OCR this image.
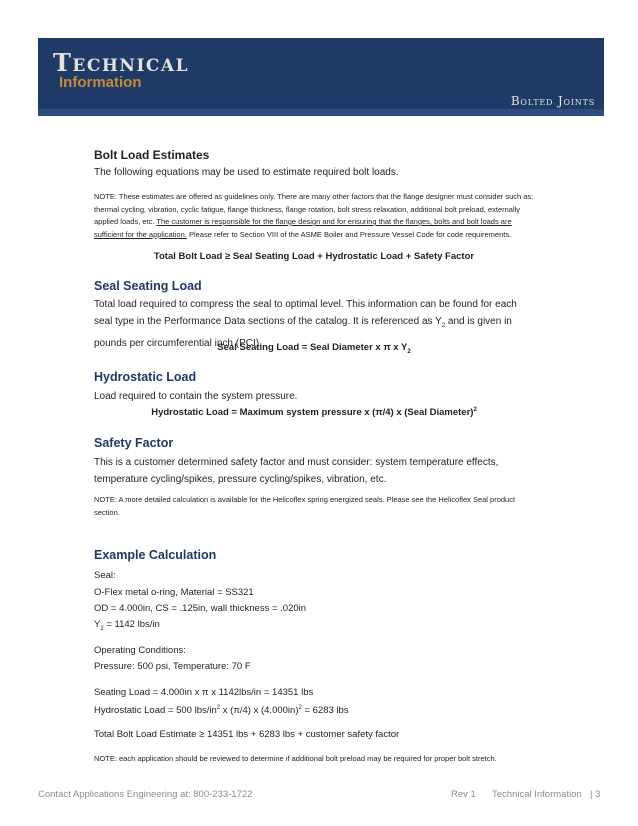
Technical
Information
Bolted Joints
Bolt Load Estimates
The following equations may be used to estimate required bolt loads.
NOTE: These estimates are offered as guidelines only. There are many other factors that the flange designer must consider such as: thermal cycling, vibration, cyclic fatigue, flange thickness, flange rotation, bolt stress relaxation, additional bolt preload, externally applied loads, etc. The customer is responsible for the flange design and for ensuring that the flanges, bolts and bolt loads are sufficient for the application. Please refer to Section VIII of the ASME Boiler and Pressure Vessel Code for code requirements.
Total Bolt Load ≥ Seal Seating Load + Hydrostatic Load + Safety Factor
Seal Seating Load
Total load required to compress the seal to optimal level. This information can be found for each seal type in the Performance Data sections of the catalog. It is referenced as $Y_2$ and is given in pounds per circumferential inch (PCI).
Seal Seating Load = Seal Diameter x π x $Y_2$
Hydrostatic Load
Load required to contain the system pressure.
Hydrostatic Load = Maximum system pressure x (π/4) x (Seal Diameter)$^2$
Safety Factor
This is a customer determined safety factor and must consider: system temperature effects, temperature cycling/spikes, pressure cycling/spikes, vibration, etc.
NOTE: A more detailed calculation is available for the Helicoflex spring energized seals. Please see the Helicoflex Seal product section.
Example Calculation
Seal:
O-Flex metal o-ring, Material = SS321
OD = 4.000in, CS = .125in, wall thickness = .020in
$Y_2 = 1142$ lbs/in
Operating Conditions:
Pressure: 500 psi, Temperature: 70 F
Seating Load = 4.000in x π x 1142lbs/in = 14351 lbs
Hydrostatic Load = 500 lbs/$in^2$ x (π/4) x $(4.000in)^2 = 6283$ lbs
Total Bolt Load Estimate ≥ 14351 lbs + 6283 lbs + customer safety factor
NOTE: each application should be reviewed to determine if additional bolt preload may be required for proper bolt stretch.
Contact Applications Engineering at: 800-233-1722	Rev 1 Technical Information | 3
